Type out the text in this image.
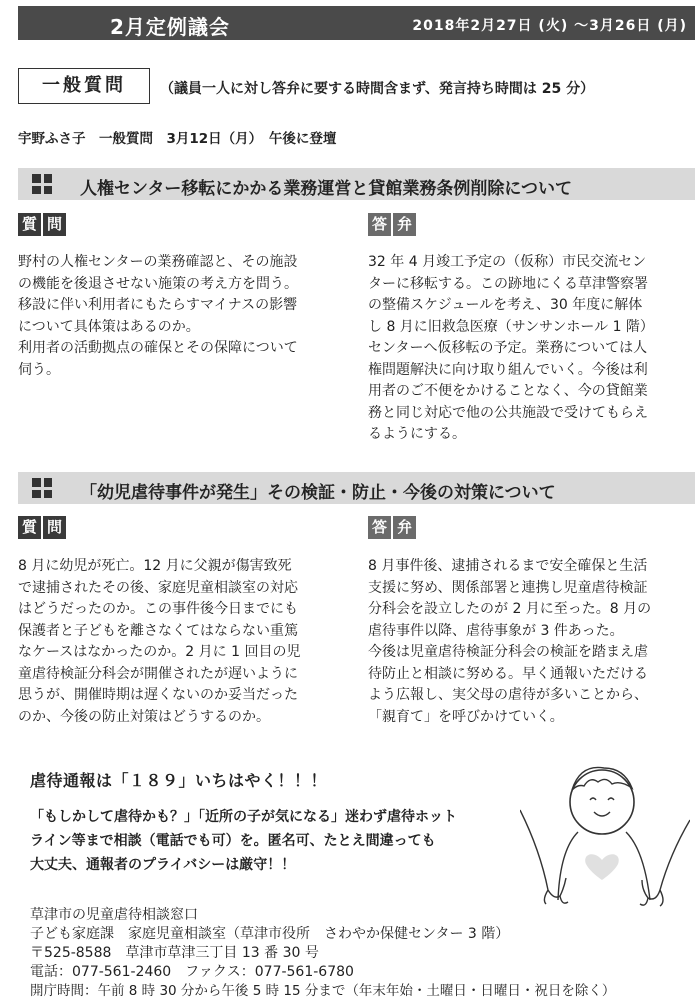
2月定例議会	2018年2月27日 (火) ～3月26日 (月)
一般質問	（議員一人に対し答弁に要する時間含まず、発言持ち時間は 25 分）
宇野ふさ子　一般質問　3月12日（月）　午後に登壇
人権センター移転にかかる業務運営と貸館業務条例削除について
質 問	答 弁

野村の人権センターの業務確認と、その施設

の機能を後退させない施策の考え方を問う。

移設に伴い利用者にもたらすマイナスの影響

について具体策はあるのか。

利用者の活動拠点の確保とその保障について

伺う。

32 年 4 月竣工予定の（仮称）市民交流セン

ターに移転する。この跡地にくる草津警察署

の整備スケジュールを考え、30 年度に解体

し 8 月に旧救急医療（サンサンホール 1 階）

センターへ仮移転の予定。業務については人

権問題解決に向け取り組んでいく。今後は利

用者のご不便をかけることなく、今の貸館業

務と同じ対応で他の公共施設で受けてもらえ

るようにする。

「幼児虐待事件が発生」その検証・防止・今後の対策について
質 問	答 弁

8 月に幼児が死亡。12 月に父親が傷害致死

で逮捕されたその後、家庭児童相談室の対応

はどうだったのか。この事件後今日までにも

保護者と子どもを離さなくてはならない重篤

なケースはなかったのか。2 月に 1 回目の児

童虐待検証分科会が開催されたが遅いように

思うが、開催時期は遅くないのか妥当だった

のか、今後の防止対策はどうするのか。

8 月事件後、逮捕されるまで安全確保と生活

支援に努め、関係部署と連携し児童虐待検証

分科会を設立したのが 2 月に至った。8 月の

虐待事件以降、虐待事象が 3 件あった。

今後は児童虐待検証分科会の検証を踏まえ虐

待防止と相談に努める。早く通報いただける

よう広報し、実父母の虐待が多いことから、

「親育て」を呼びかけていく。

虐待通報は「１８９」いちはやく！！！
「もしかして虐待かも？」「近所の子が気になる」迷わず虐待ホット
ライン等まで相談（電話でも可）を。匿名可、たとえ間違っても
大丈夫、通報者のプライバシーは厳守！！

草津市の児童虐待相談窓口

子ども家庭課　家庭児童相談室（草津市役所　さわやか保健センター 3 階）

〒525-8588　草津市草津三丁目 13 番 30 号

電話：077-561-2460　ファクス：077-561-6780

開庁時間：午前 8 時 30 分から午後 5 時 15 分まで（年末年始・土曜日・日曜日・祝日を除く）
